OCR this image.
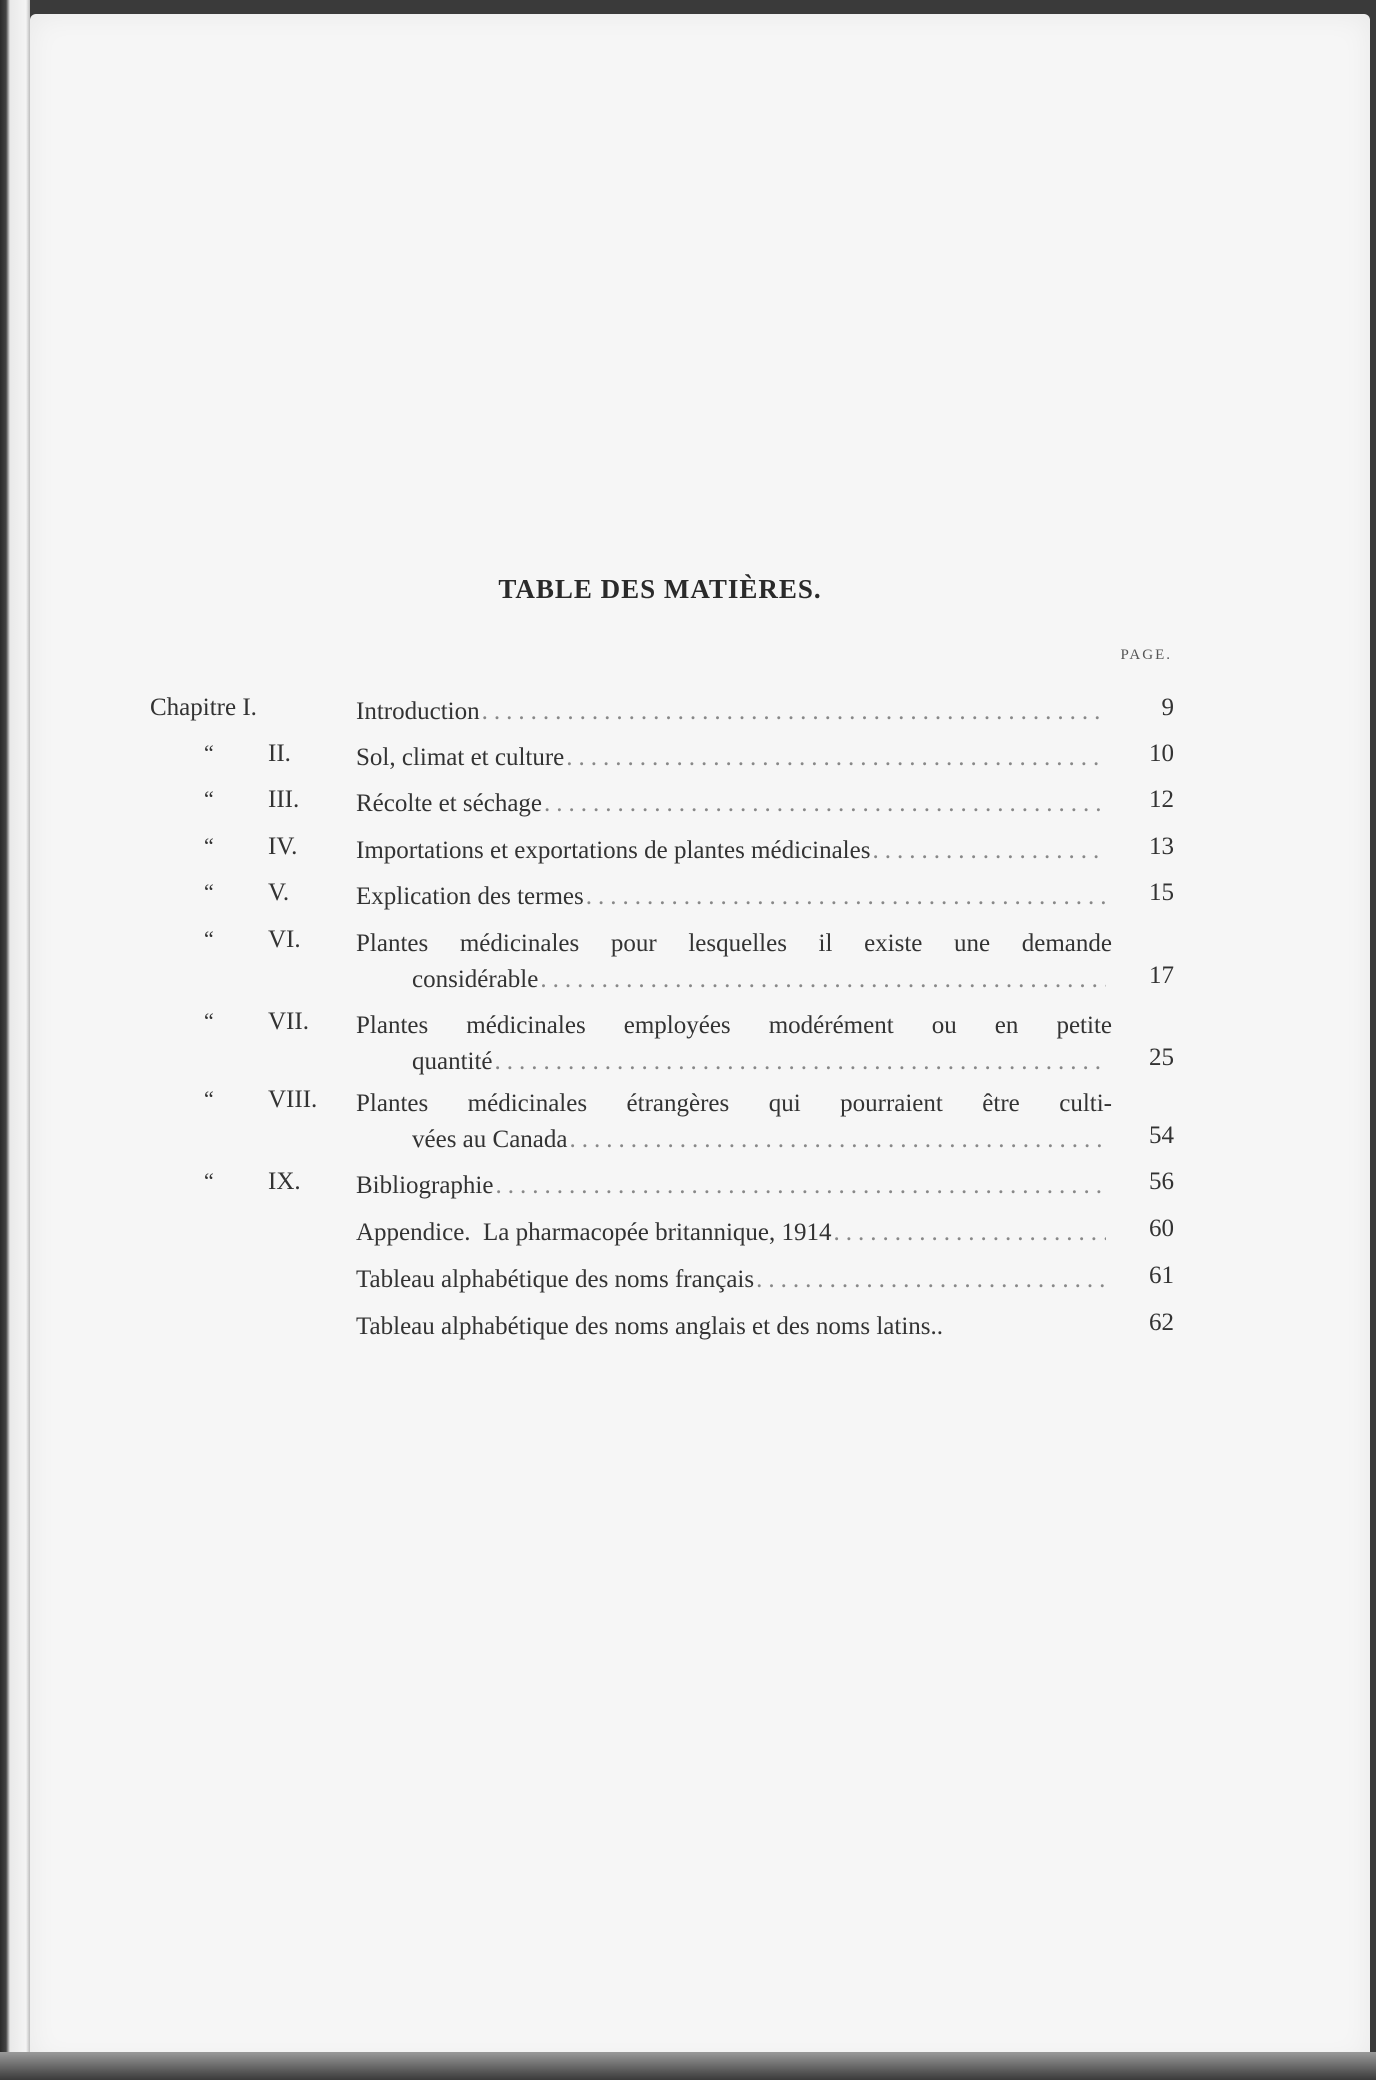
TABLE DES MATIÈRES.
PAGE.
Chapitre I.	Introduction .....	9
“ II.	Sol, climat et culture .....	10
“ III. Récolte et séchage .....	12
“ IV. Importations et exportations de plantes médicinales .....	13
“ V.	Explication des termes .....	15
“ VI. Plantes médicinales pour lesquelles il existe une demande
considérable .....	17
“ VII. Plantes médicinales employées modérément ou en petite
quantité .....	25
“ VIII. Plantes médicinales étrangères qui pourraient être culti-
vées au Canada .....	54
“ IX. Bibliographie .....	56
Appendice.  La pharmacopée britannique, 1914 .....	60
Tableau alphabétique des noms français .....	61
Tableau alphabétique des noms anglais et des noms latins..	62
